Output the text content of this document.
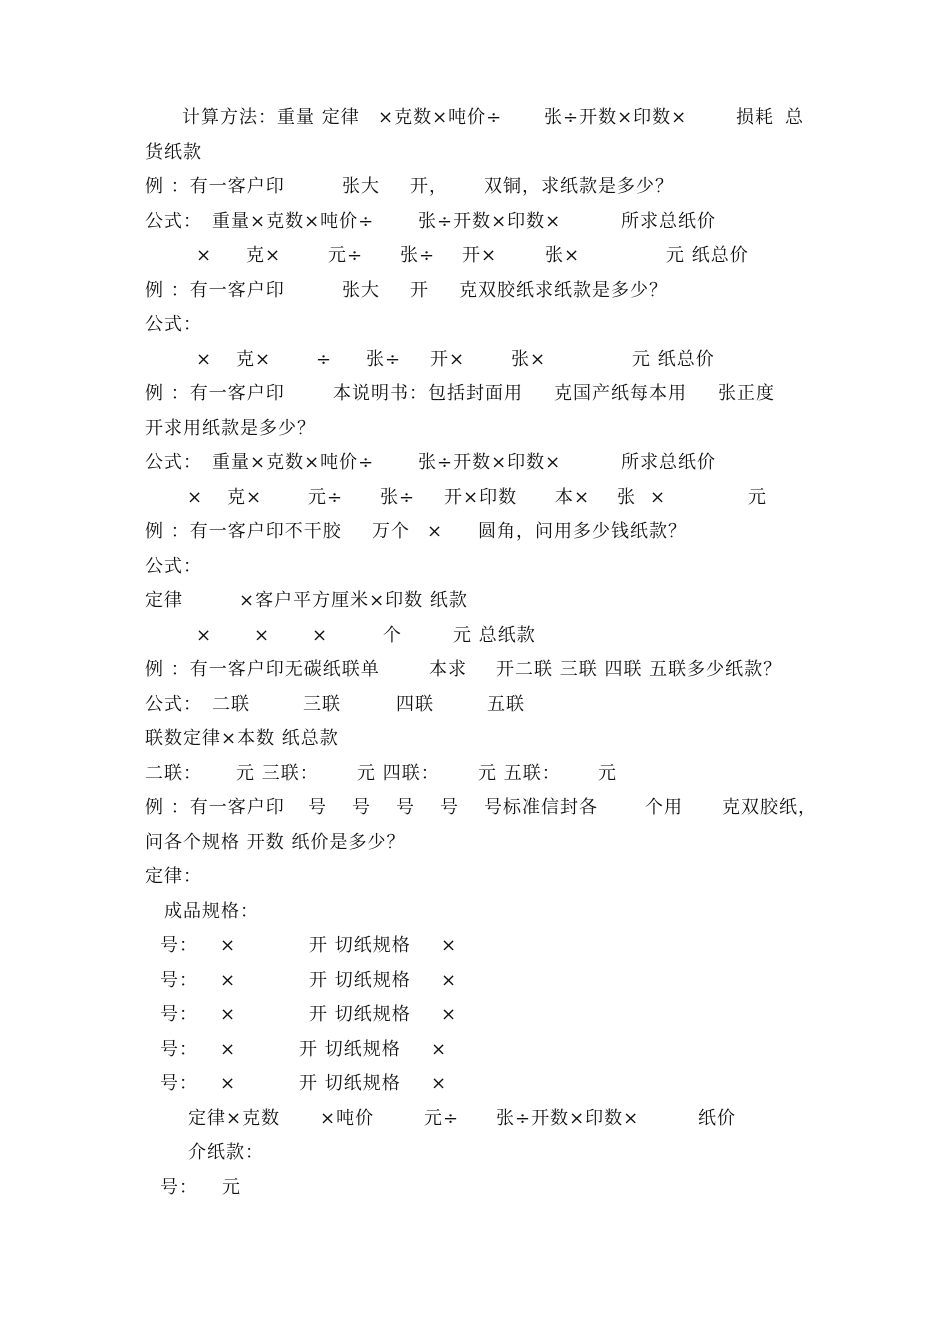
计算方法：重量 定律 ×克数×吨价÷ 张÷开数×印数×	损耗 总
货纸款
例 ：有一客户印	张大 开， 双铜，求纸款是多少？
公式： 重量×克数×吨价÷ 张÷开数×印数×	所求总纸价
× 克×	元÷ 张÷ 开×	张×	元 纸总价
例 ：有一客户印	张大 开 克双胶纸求纸款是多少？
公式：
× 克× ÷ 张÷ 开×	张×	元 纸总价
例 ：有一客户印	本说明书：包括封面用 克国产纸每本用 张正度
开求用纸款是多少？
公式： 重量×克数×吨价÷ 张÷开数×印数×	所求总纸价
× 克×	元÷ 张÷ 开×印数 本× 张 ×	元
例 ：有一客户印不干胶 万个 × 圆角，问用多少钱纸款？
公式：
定律	×客户平方厘米×印数 纸款
× × ×	个	元 总纸款
例 ：有一客户印无碳纸联单	本求 开二联 三联 四联 五联多少纸款？
公式： 二联	三联	四联	五联
联数定律×本数 纸总款
二联： 元 三联： 元 四联： 元 五联： 元
例 ：有一客户印 号 号 号 号 号标准信封各	个用 克双胶纸，
问各个规格 开数 纸价是多少？
定律：
成品规格：
号： ×	开 切纸规格 ×
号： ×	开 切纸规格 ×
号： ×	开 切纸规格 ×
号： ×	开 切纸规格 ×
号： ×	开 切纸规格 ×
定律×克数 ×吨价	元÷ 张÷开数×印数×	纸价
介纸款：
号： 元
